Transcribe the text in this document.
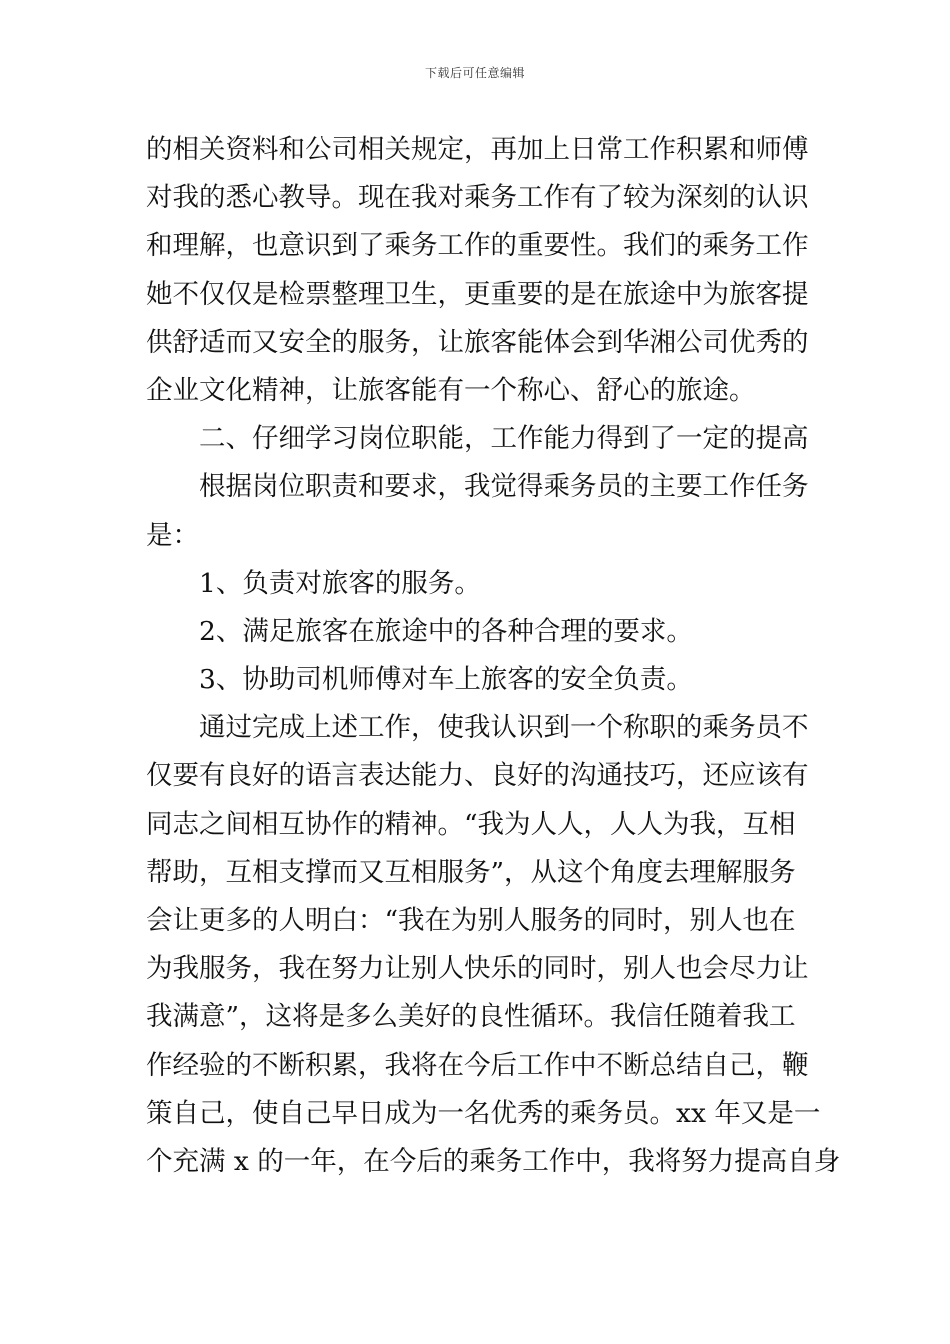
下载后可任意编辑
的相关资料和公司相关规定，再加上日常工作积累和师傅
对我的悉心教导。现在我对乘务工作有了较为深刻的认识
和理解，也意识到了乘务工作的重要性。我们的乘务工作
她不仅仅是检票整理卫生，更重要的是在旅途中为旅客提
供舒适而又安全的服务，让旅客能体会到华湘公司优秀的
企业文化精神，让旅客能有一个称心、舒心的旅途。
二、仔细学习岗位职能，工作能力得到了一定的提高
根据岗位职责和要求，我觉得乘务员的主要工作任务
是：
1、负责对旅客的服务。
2、满足旅客在旅途中的各种合理的要求。
3、协助司机师傅对车上旅客的安全负责。
通过完成上述工作，使我认识到一个称职的乘务员不
仅要有良好的语言表达能力、良好的沟通技巧，还应该有
同志之间相互协作的精神。“我为人人，人人为我，互相
帮助，互相支撑而又互相服务”，从这个角度去理解服务
会让更多的人明白：“我在为别人服务的同时，别人也在
为我服务，我在努力让别人快乐的同时，别人也会尽力让
我满意”，这将是多么美好的良性循环。我信任随着我工
作经验的不断积累，我将在今后工作中不断总结自己，鞭
策自己，使自己早日成为一名优秀的乘务员。xx 年又是一
个充满 x 的一年，在今后的乘务工作中，我将努力提高自身
